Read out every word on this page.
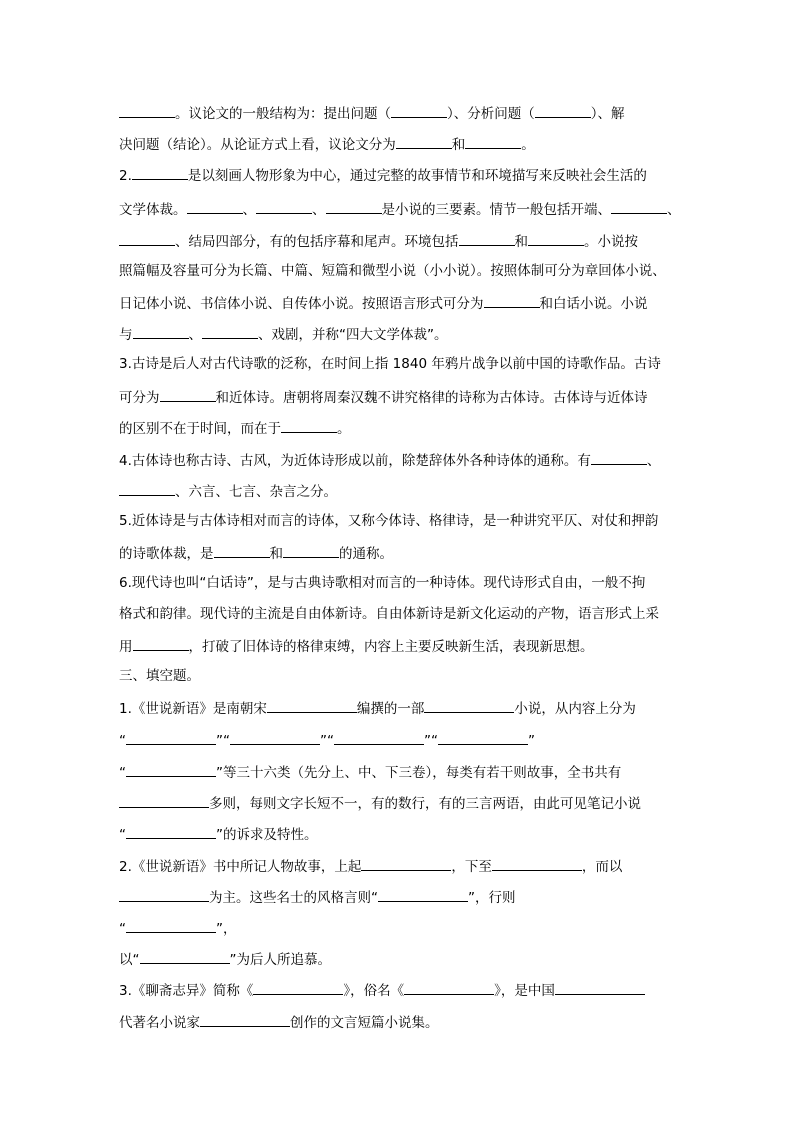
。议论文的一般结构为：提出问题（	）、分析问题（	）、解
决问题（结论）。从论证方式上看，议论文分为	和	。
2.	是以刻画人物形象为中心，通过完整的故事情节和环境描写来反映社会生活的
文学体裁。	、	、	是小说的三要素。情节一般包括开端、	、
、结局四部分，有的包括序幕和尾声。环境包括	和	。小说按
照篇幅及容量可分为长篇、中篇、短篇和微型小说（小小说）。按照体制可分为章回体小说、
日记体小说、书信体小说、自传体小说。按照语言形式可分为	和白话小说。小说
与	、	、戏剧，并称“四大文学体裁”。
3.古诗是后人对古代诗歌的泛称，在时间上指 1840 年鸦片战争以前中国的诗歌作品。古诗
可分为	和近体诗。唐朝将周秦汉魏不讲究格律的诗称为古体诗。古体诗与近体诗
的区别不在于时间，而在于	。
4.古体诗也称古诗、古风，为近体诗形成以前，除楚辞体外各种诗体的通称。有	、
、六言、七言、杂言之分。
5.近体诗是与古体诗相对而言的诗体，又称今体诗、格律诗，是一种讲究平仄、对仗和押韵
的诗歌体裁，是	和	的通称。
6.现代诗也叫“白话诗”，是与古典诗歌相对而言的一种诗体。现代诗形式自由，一般不拘
格式和韵律。现代诗的主流是自由体新诗。自由体新诗是新文化运动的产物，语言形式上采
用	，打破了旧体诗的格律束缚，内容上主要反映新生活，表现新思想。
三、填空题。
1.《世说新语》是南朝宋	编撰的一部	小说，从内容上分为
“	”“	”“	”“	”
“	”等三十六类（先分上、中、下三卷），每类有若干则故事，全书共有
多则，每则文字长短不一，有的数行，有的三言两语，由此可见笔记小说
“	”的诉求及特性。
2.《世说新语》书中所记人物故事，上起	，下至	，而以
为主。这些名士的风格言则“	”，行则
“	”，
以“	”为后人所追慕。
3.《聊斋志异》简称《	》，俗名《	》，是中国
代著名小说家	创作的文言短篇小说集。
